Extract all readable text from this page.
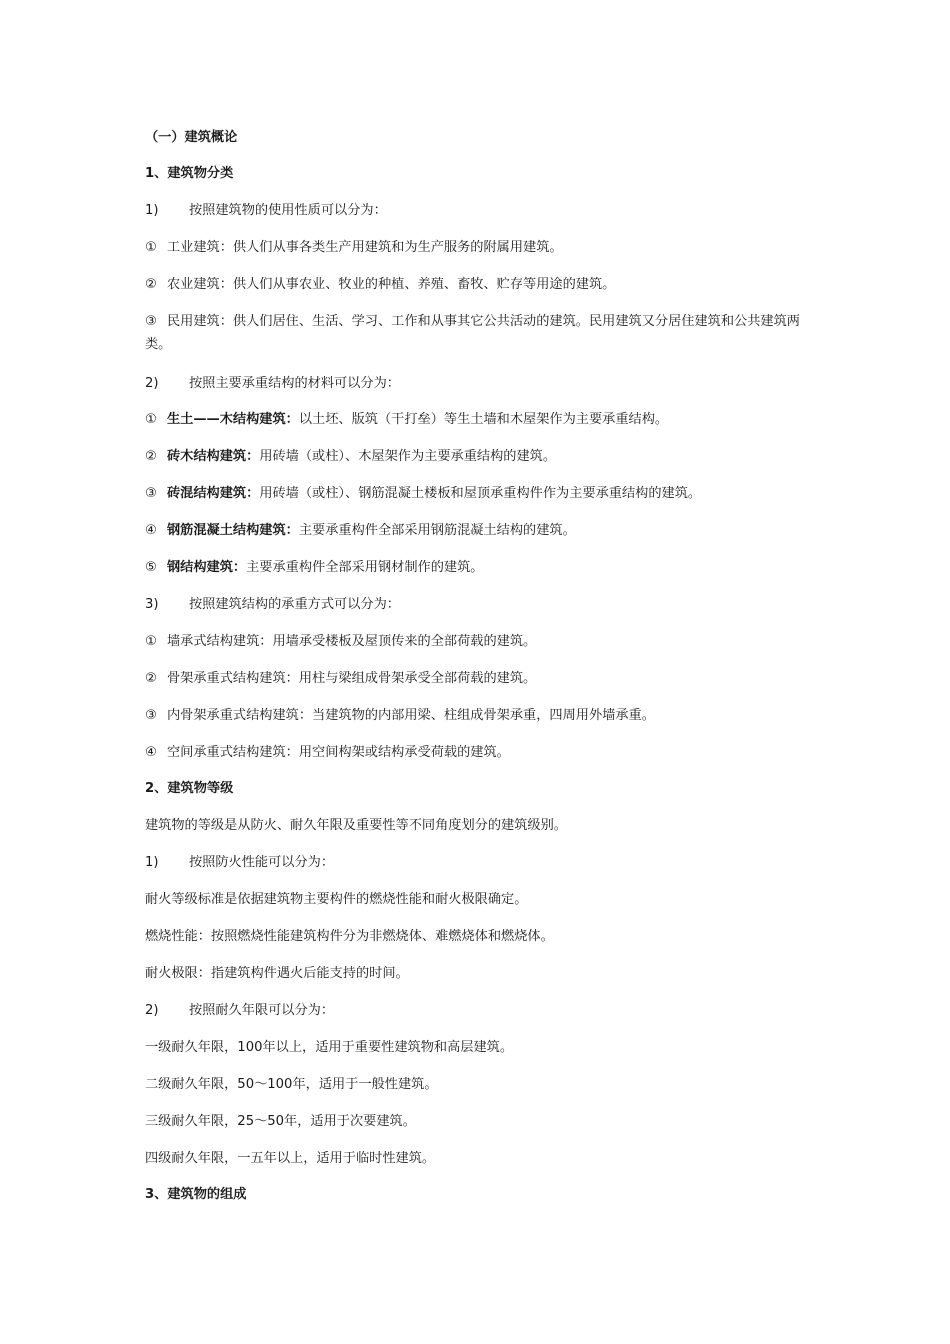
（一）建筑概论
1、建筑物分类
1) 按照建筑物的使用性质可以分为：
① 工业建筑：供人们从事各类生产用建筑和为生产服务的附属用建筑。
② 农业建筑：供人们从事农业、牧业的种植、养殖、畜牧、贮存等用途的建筑。
③ 民用建筑：供人们居住、生活、学习、工作和从事其它公共活动的建筑。民用建筑又分居住建筑和公共建筑两类。
2) 按照主要承重结构的材料可以分为：
① 生土——木结构建筑：以土坯、版筑（干打垒）等生土墙和木屋架作为主要承重结构。
② 砖木结构建筑：用砖墙（或柱）、木屋架作为主要承重结构的建筑。
③ 砖混结构建筑：用砖墙（或柱）、钢筋混凝土楼板和屋顶承重构件作为主要承重结构的建筑。
④ 钢筋混凝土结构建筑：主要承重构件全部采用钢筋混凝土结构的建筑。
⑤ 钢结构建筑：主要承重构件全部采用钢材制作的建筑。
3) 按照建筑结构的承重方式可以分为：
① 墙承式结构建筑：用墙承受楼板及屋顶传来的全部荷载的建筑。
② 骨架承重式结构建筑：用柱与梁组成骨架承受全部荷载的建筑。
③ 内骨架承重式结构建筑：当建筑物的内部用梁、柱组成骨架承重，四周用外墙承重。
④ 空间承重式结构建筑：用空间构架或结构承受荷载的建筑。
2、建筑物等级
建筑物的等级是从防火、耐久年限及重要性等不同角度划分的建筑级别。
1) 按照防火性能可以分为：
耐火等级标准是依据建筑物主要构件的燃烧性能和耐火极限确定。
燃烧性能：按照燃烧性能建筑构件分为非燃烧体、难燃烧体和燃烧体。
耐火极限：指建筑构件遇火后能支持的时间。
2) 按照耐久年限可以分为：
一级耐久年限，100年以上，适用于重要性建筑物和高层建筑。
二级耐久年限，50～100年，适用于一般性建筑。
三级耐久年限，25～50年，适用于次要建筑。
四级耐久年限，一五年以上，适用于临时性建筑。
3、建筑物的组成
